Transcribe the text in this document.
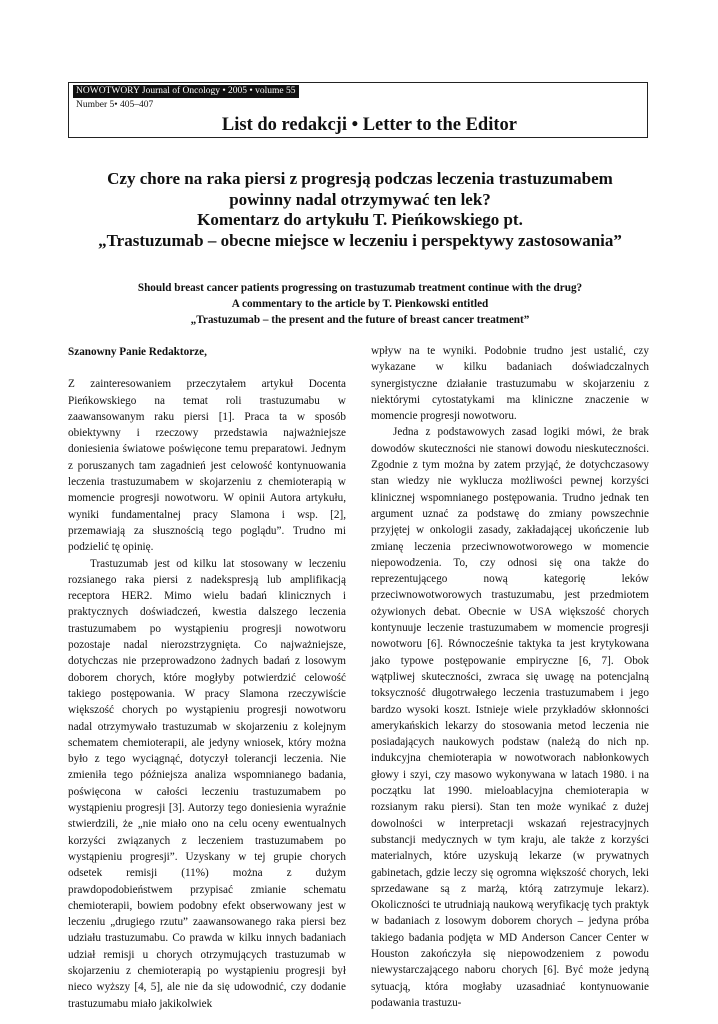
NOWOTWORY Journal of Oncology • 2005 • volume 55
Number 5• 405–407
List do redakcji • Letter to the Editor
Czy chore na raka piersi z progresją podczas leczenia trastuzumabem
powinny nadal otrzymywać ten lek?
Komentarz do artykułu T. Pieńkowskiego pt.
„Trastuzumab – obecne miejsce w leczeniu i perspektywy zastosowania”
Should breast cancer patients progressing on trastuzumab treatment continue with the drug?
A commentary to the article by T. Pienkowski entitled
„Trastuzumab – the present and the future of breast cancer treatment”

Szanowny Panie Redaktorze,

Z zainteresowaniem przeczytałem artykuł Docenta Pieńkowskiego na temat roli trastuzumabu w zaawansowanym raku piersi [1]. Praca ta w sposób obiektywny i rzeczowy przedstawia najważniejsze doniesienia światowe poświęcone temu preparatowi. Jednym z poruszanych tam zagadnień jest celowość kontynuowania leczenia trastuzumabem w skojarzeniu z chemioterapią w momencie progresji nowotworu. W opinii Autora artykułu, wyniki fundamentalnej pracy Slamona i wsp. [2], przemawiają za słusznością tego poglądu”. Trudno mi podzielić tę opinię.

Trastuzumab jest od kilku lat stosowany w leczeniu rozsianego raka piersi z nadekspresją lub amplifikacją receptora HER2. Mimo wielu badań klinicznych i praktycznych doświadczeń, kwestia dalszego leczenia trastuzumabem po wystąpieniu progresji nowotworu pozostaje nadal nierozstrzygnięta. Co najważniejsze, dotychczas nie przeprowadzono żadnych badań z losowym doborem chorych, które mogłyby potwierdzić celowość takiego postępowania. W pracy Slamona rzeczywiście większość chorych po wystąpieniu progresji nowotworu nadal otrzymywało trastuzumab w skojarzeniu z kolejnym schematem chemioterapii, ale jedyny wniosek, który można było z tego wyciągnąć, dotyczył tolerancji leczenia. Nie zmieniła tego późniejsza analiza wspomnianego badania, poświęcona w całości leczeniu trastuzumabem po wystąpieniu progresji [3]. Autorzy tego doniesienia wyraźnie stwierdzili, że „nie miało ono na celu oceny ewentualnych korzyści związanych z leczeniem trastuzumabem po wystąpieniu progresji”. Uzyskany w tej grupie chorych odsetek remisji (11%) można z dużym prawdopodobieństwem przypisać zmianie schematu chemioterapii, bowiem podobny efekt obserwowany jest w leczeniu „drugiego rzutu” zaawansowanego raka piersi bez udziału trastuzumabu. Co prawda w kilku innych badaniach udział remisji u chorych otrzymujących trastuzumab w skojarzeniu z chemioterapią po wystąpieniu progresji był nieco wyższy [4, 5], ale nie da się udowodnić, czy dodanie trastuzumabu miało jakikolwiek

wpływ na te wyniki. Podobnie trudno jest ustalić, czy wykazane w kilku badaniach doświadczalnych synergistyczne działanie trastuzumabu w skojarzeniu z niektórymi cytostatykami ma kliniczne znaczenie w momencie progresji nowotworu.

Jedna z podstawowych zasad logiki mówi, że brak dowodów skuteczności nie stanowi dowodu nieskuteczności. Zgodnie z tym można by zatem przyjąć, że dotychczasowy stan wiedzy nie wyklucza możliwości pewnej korzyści klinicznej wspomnianego postępowania. Trudno jednak ten argument uznać za podstawę do zmiany powszechnie przyjętej w onkologii zasady, zakładającej ukończenie lub zmianę leczenia przeciwnowotworowego w momencie niepowodzenia. To, czy odnosi się ona także do reprezentującego nową kategorię leków przeciwnowotworowych trastuzumabu, jest przedmiotem ożywionych debat. Obecnie w USA większość chorych kontynuuje leczenie trastuzumabem w momencie progresji nowotworu [6]. Równocześnie taktyka ta jest krytykowana jako typowe postępowanie empiryczne [6, 7]. Obok wątpliwej skuteczności, zwraca się uwagę na potencjalną toksyczność długotrwałego leczenia trastuzumabem i jego bardzo wysoki koszt. Istnieje wiele przykładów skłonności amerykańskich lekarzy do stosowania metod leczenia nie posiadających naukowych podstaw (należą do nich np. indukcyjna chemioterapia w nowotworach nabłonkowych głowy i szyi, czy masowo wykonywana w latach 1980. i na początku lat 1990. mieloablacyjna chemioterapia w rozsianym raku piersi). Stan ten może wynikać z dużej dowolności w interpretacji wskazań rejestracyjnych substancji medycznych w tym kraju, ale także z korzyści materialnych, które uzyskują lekarze (w prywatnych gabinetach, gdzie leczy się ogromna większość chorych, leki sprzedawane są z marżą, którą zatrzymuje lekarz). Okoliczności te utrudniają naukową weryfikację tych praktyk w badaniach z losowym doborem chorych – jedyna próba takiego badania podjęta w MD Anderson Cancer Center w Houston zakończyła się niepowodzeniem z powodu niewystarczającego naboru chorych [6]. Być może jedyną sytuacją, która mogłaby uzasadniać kontynuowanie podawania trastuzu-
